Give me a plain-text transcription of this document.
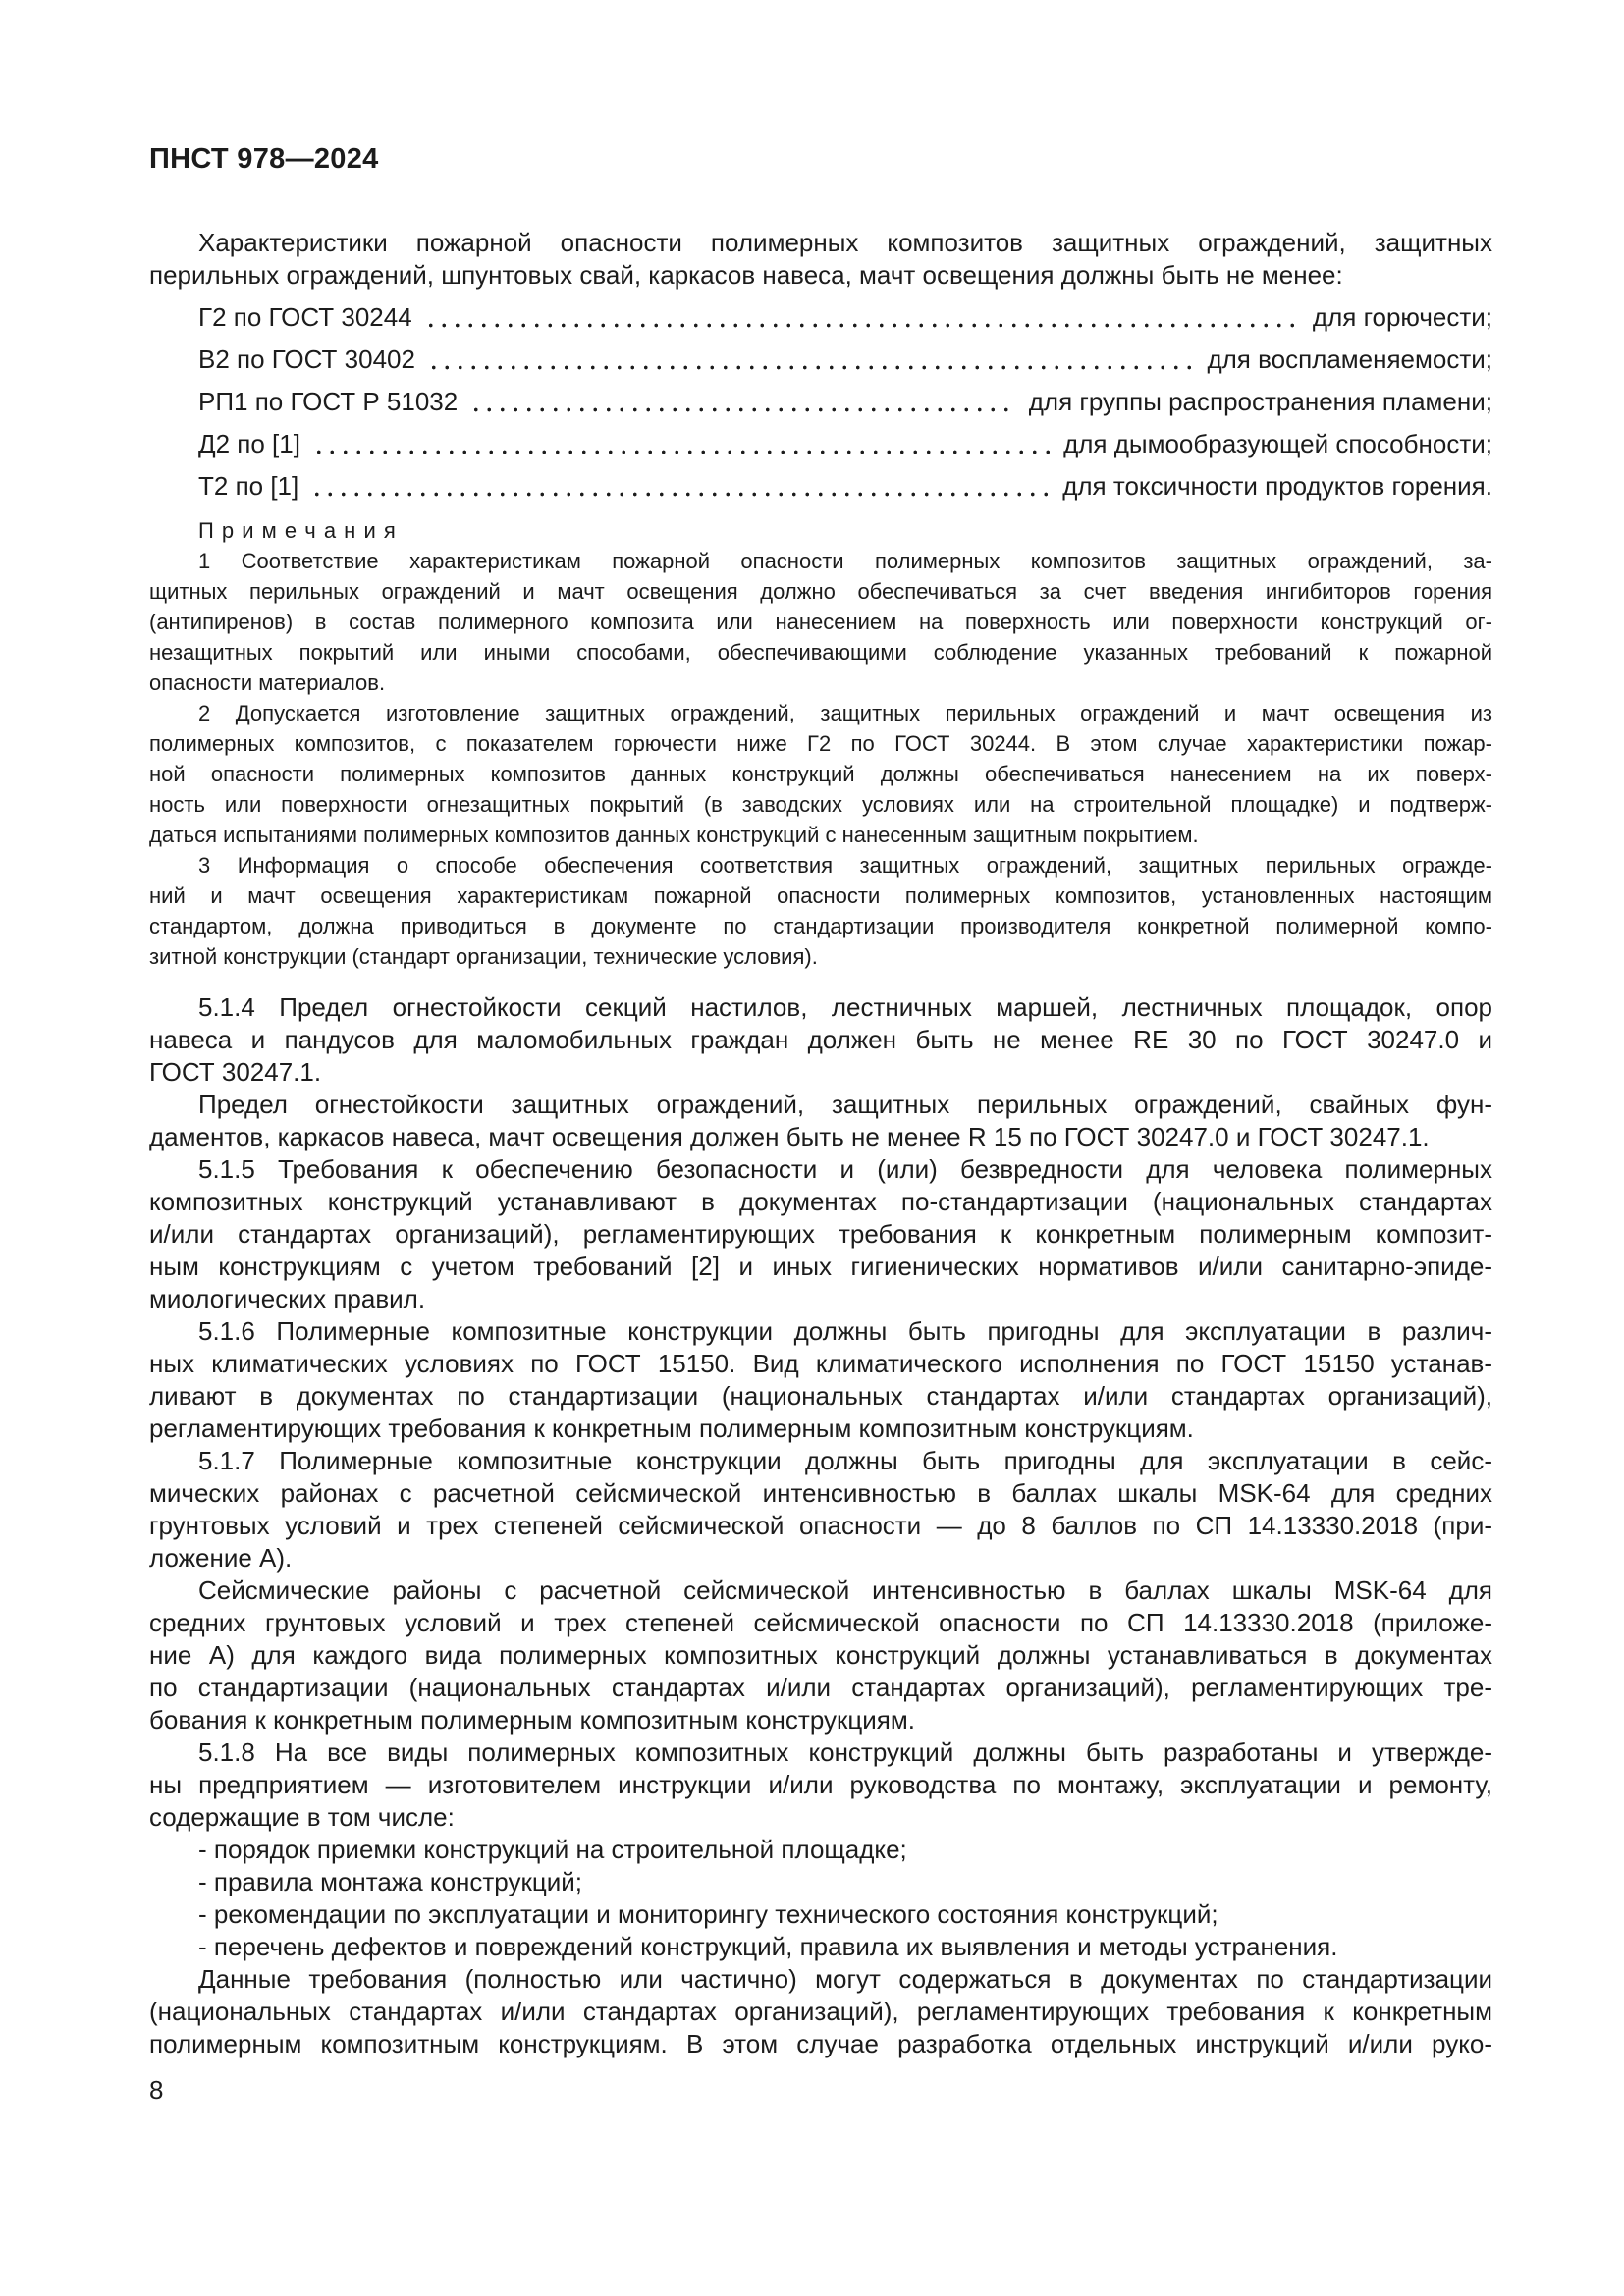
ПНСТ 978—2024
Характеристики пожарной опасности полимерных композитов защитных ограждений, защитных
перильных ограждений, шпунтовых свай, каркасов навеса, мачт освещения должны быть не менее:
Г2 по ГОСТ 30244	для горючести;
В2 по ГОСТ 30402	для воспламеняемости;
РП1 по ГОСТ Р 51032	для группы распространения пламени;
Д2 по [1]	для дымообразующей способности;
Т2 по [1]	для токсичности продуктов горения.
П р и м е ч а н и я
1 Соответствие характеристикам пожарной опасности полимерных композитов защитных ограждений, за-
щитных перильных ограждений и мачт освещения должно обеспечиваться за счет введения ингибиторов горения
(антипиренов) в состав полимерного композита или нанесением на поверхность или поверхности конструкций ог-
незащитных покрытий или иными способами, обеспечивающими соблюдение указанных требований к пожарной
опасности материалов.
2 Допускается изготовление защитных ограждений, защитных перильных ограждений и мачт освещения из
полимерных композитов, с показателем горючести ниже Г2 по ГОСТ 30244. В этом случае характеристики пожар-
ной опасности полимерных композитов данных конструкций должны обеспечиваться нанесением на их поверх-
ность или поверхности огнезащитных покрытий (в заводских условиях или на строительной площадке) и подтверж-
даться испытаниями полимерных композитов данных конструкций с нанесенным защитным покрытием.
3 Информация о способе обеспечения соответствия защитных ограждений, защитных перильных огражде-
ний и мачт освещения характеристикам пожарной опасности полимерных композитов, установленных настоящим
стандартом, должна приводиться в документе по стандартизации производителя конкретной полимерной компо-
зитной конструкции (стандарт организации, технические условия).
5.1.4 Предел огнестойкости секций настилов, лестничных маршей, лестничных площадок, опор
навеса и пандусов для маломобильных граждан должен быть не менее RE 30 по ГОСТ 30247.0 и
ГОСТ 30247.1.
Предел огнестойкости защитных ограждений, защитных перильных ограждений, свайных фун-
даментов, каркасов навеса, мачт освещения должен быть не менее R 15 по ГОСТ 30247.0 и ГОСТ 30247.1.
5.1.5 Требования к обеспечению безопасности и (или) безвредности для человека полимерных
композитных конструкций устанавливают в документах по-стандартизации (национальных стандартах
и/или стандартах организаций), регламентирующих требования к конкретным полимерным композит-
ным конструкциям с учетом требований [2] и иных гигиенических нормативов и/или санитарно-эпиде-
миологических правил.
5.1.6 Полимерные композитные конструкции должны быть пригодны для эксплуатации в различ-
ных климатических условиях по ГОСТ 15150. Вид климатического исполнения по ГОСТ 15150 устанав-
ливают в документах по стандартизации (национальных стандартах и/или стандартах организаций),
регламентирующих требования к конкретным полимерным композитным конструкциям.
5.1.7 Полимерные композитные конструкции должны быть пригодны для эксплуатации в сейс-
мических районах с расчетной сейсмической интенсивностью в баллах шкалы MSK-64 для средних
грунтовых условий и трех степеней сейсмической опасности — до 8 баллов по СП 14.13330.2018 (при-
ложение А).
Сейсмические районы с расчетной сейсмической интенсивностью в баллах шкалы MSK-64 для
средних грунтовых условий и трех степеней сейсмической опасности по СП 14.13330.2018 (приложе-
ние А) для каждого вида полимерных композитных конструкций должны устанавливаться в документах
по стандартизации (национальных стандартах и/или стандартах организаций), регламентирующих тре-
бования к конкретным полимерным композитным конструкциям.
5.1.8 На все виды полимерных композитных конструкций должны быть разработаны и утвержде-
ны предприятием — изготовителем инструкции и/или руководства по монтажу, эксплуатации и ремонту,
содержащие в том числе:
- порядок приемки конструкций на строительной площадке;
- правила монтажа конструкций;
- рекомендации по эксплуатации и мониторингу технического состояния конструкций;
- перечень дефектов и повреждений конструкций, правила их выявления и методы устранения.
Данные требования (полностью или частично) могут содержаться в документах по стандартизации
(национальных стандартах и/или стандартах организаций), регламентирующих требования к конкретным
полимерным композитным конструкциям. В этом случае разработка отдельных инструкций и/или руко-
8
